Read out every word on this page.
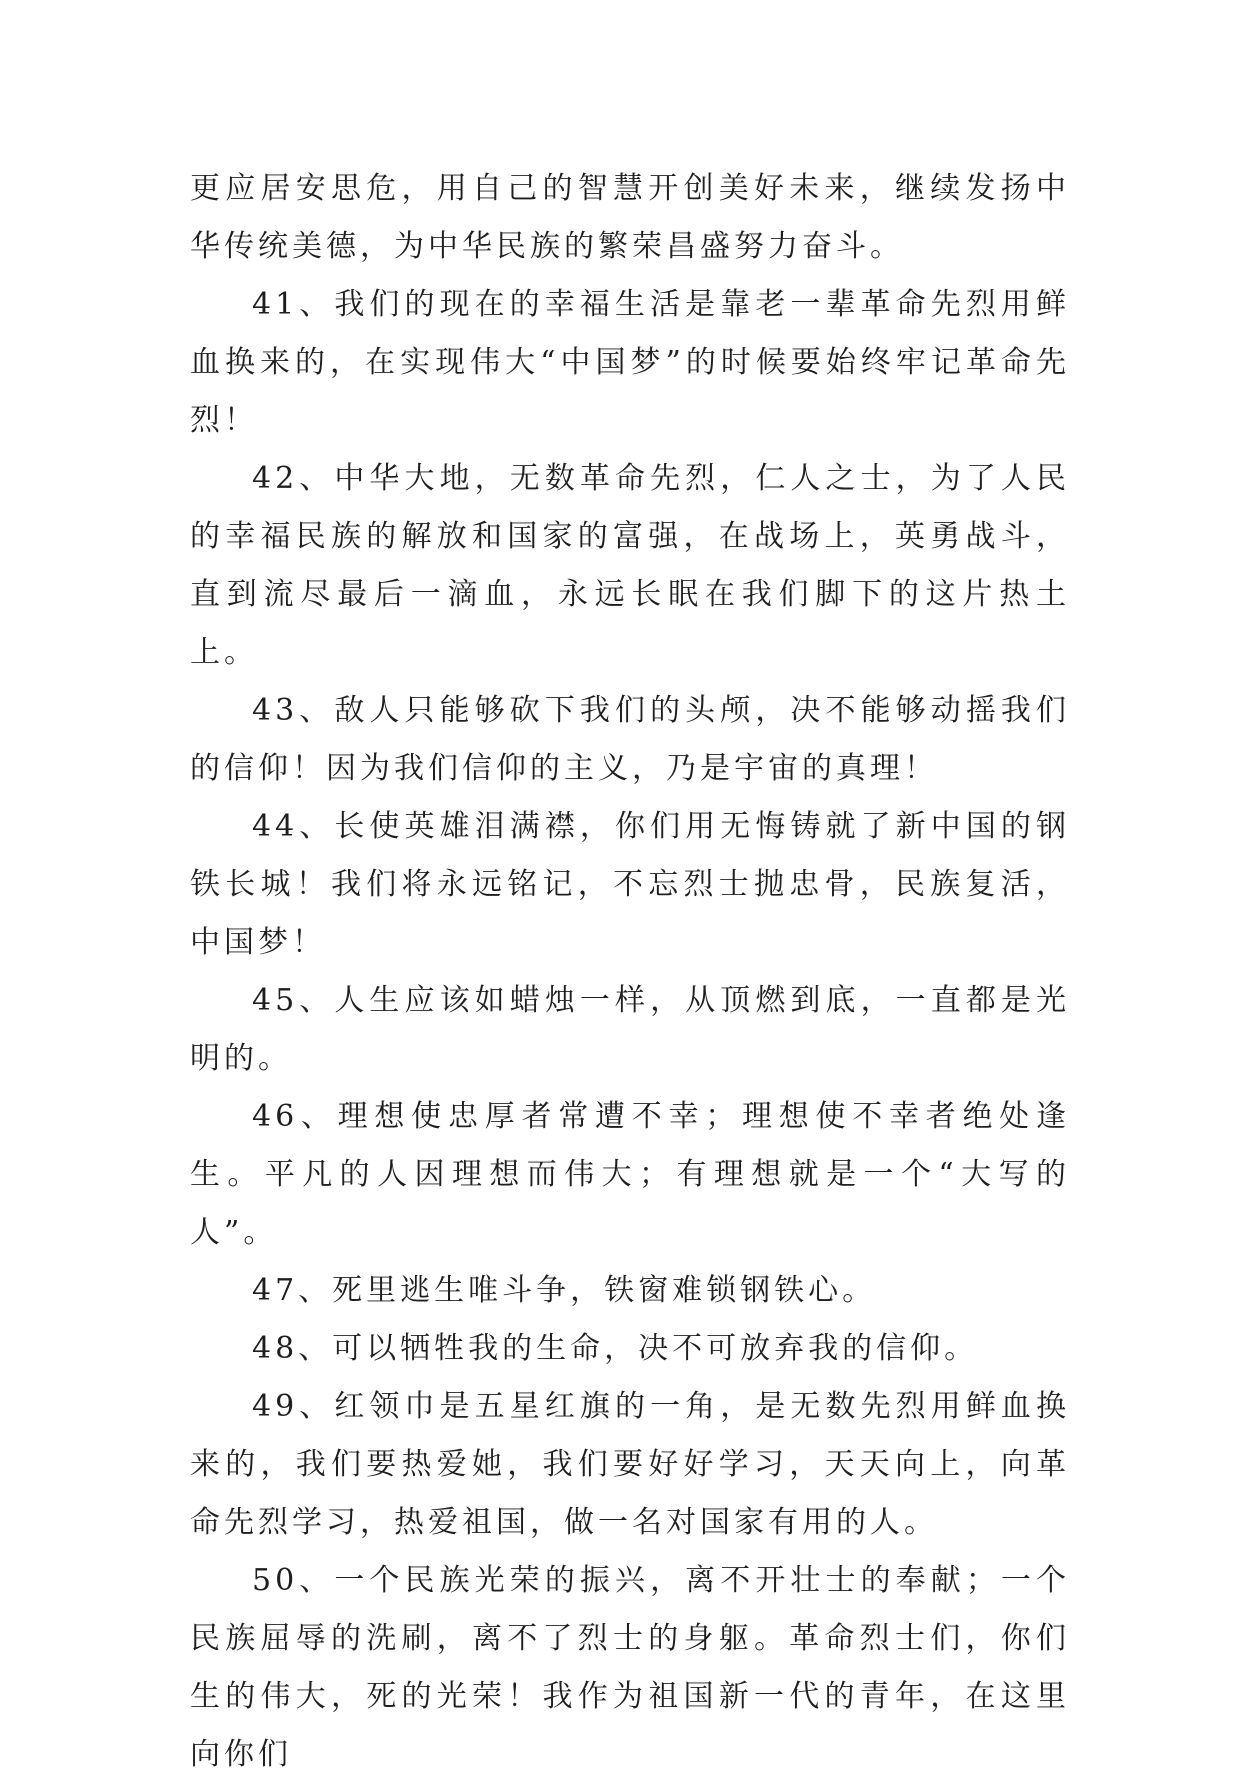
更应居安思危，用自己的智慧开创美好未来，继续发扬中华传统美德，为中华民族的繁荣昌盛努力奋斗。

41、我们的现在的幸福生活是靠老一辈革命先烈用鲜血换来的，在实现伟大“中国梦”的时候要始终牢记革命先烈！

42、中华大地，无数革命先烈，仁人之士，为了人民的幸福民族的解放和国家的富强，在战场上，英勇战斗，直到流尽最后一滴血，永远长眠在我们脚下的这片热土上。

43、敌人只能够砍下我们的头颅，决不能够动摇我们的信仰！因为我们信仰的主义，乃是宇宙的真理！

44、长使英雄泪满襟，你们用无悔铸就了新中国的钢铁长城！我们将永远铭记，不忘烈士抛忠骨，民族复活，中国梦！

45、人生应该如蜡烛一样，从顶燃到底，一直都是光明的。

46、理想使忠厚者常遭不幸；理想使不幸者绝处逢生。平凡的人因理想而伟大；有理想就是一个“大写的人”。

47、死里逃生唯斗争，铁窗难锁钢铁心。

48、可以牺牲我的生命，决不可放弃我的信仰。

49、红领巾是五星红旗的一角，是无数先烈用鲜血换来的，我们要热爱她，我们要好好学习，天天向上，向革命先烈学习，热爱祖国，做一名对国家有用的人。

50、一个民族光荣的振兴，离不开壮士的奉献；一个民族屈辱的洗刷，离不了烈士的身躯。革命烈士们，你们生的伟大，死的光荣！我作为祖国新一代的青年，在这里向你们
